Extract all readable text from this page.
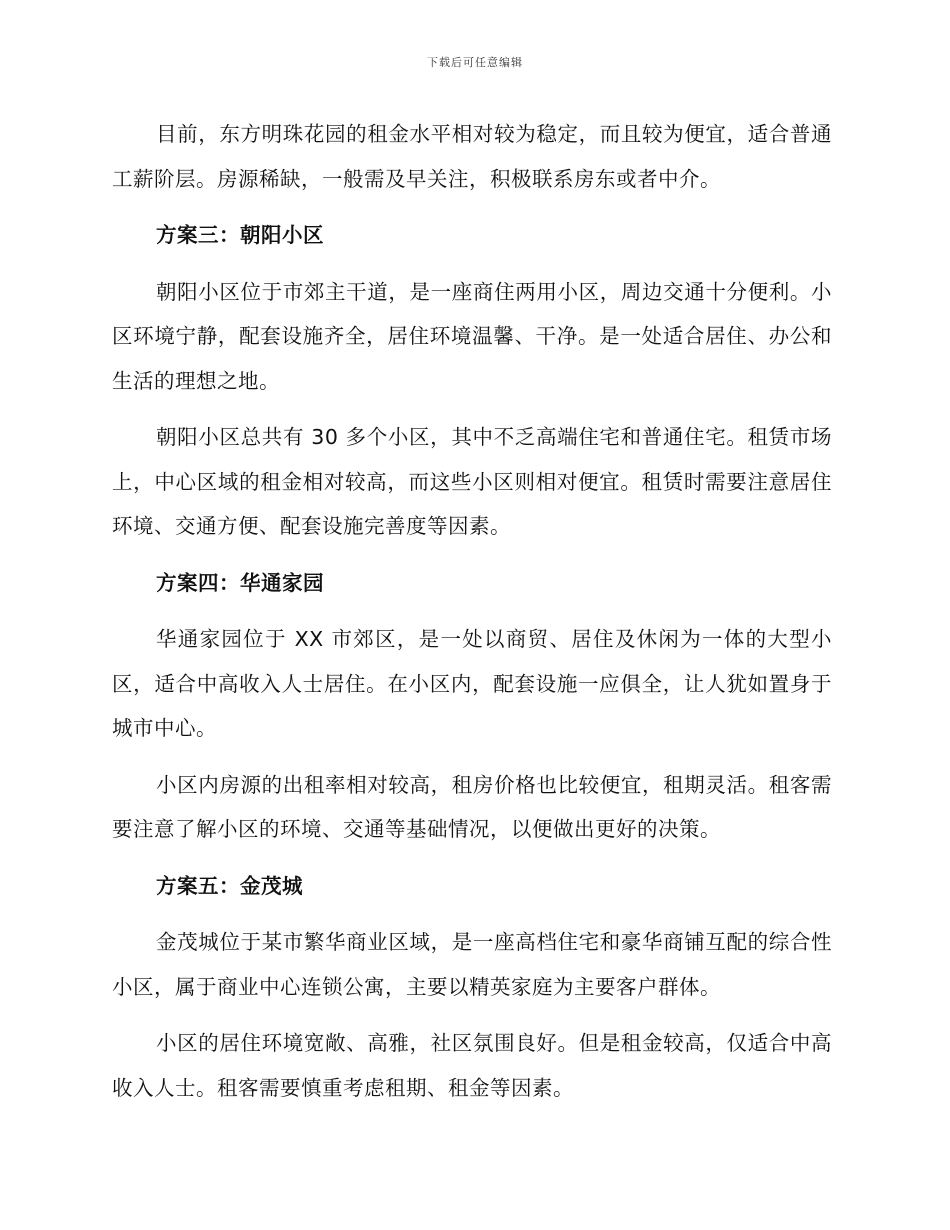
下载后可任意编辑

目前，东方明珠花园的租金水平相对较为稳定，而且较为便宜，适合普通工薪阶层。房源稀缺，一般需及早关注，积极联系房东或者中介。

方案三：朝阳小区

朝阳小区位于市郊主干道，是一座商住两用小区，周边交通十分便利。小区环境宁静，配套设施齐全，居住环境温馨、干净。是一处适合居住、办公和生活的理想之地。

朝阳小区总共有 30 多个小区，其中不乏高端住宅和普通住宅。租赁市场上，中心区域的租金相对较高，而这些小区则相对便宜。租赁时需要注意居住环境、交通方便、配套设施完善度等因素。

方案四：华通家园

华通家园位于 XX 市郊区，是一处以商贸、居住及休闲为一体的大型小区，适合中高收入人士居住。在小区内，配套设施一应俱全，让人犹如置身于城市中心。

小区内房源的出租率相对较高，租房价格也比较便宜，租期灵活。租客需要注意了解小区的环境、交通等基础情况，以便做出更好的决策。

方案五：金茂城

金茂城位于某市繁华商业区域，是一座高档住宅和豪华商铺互配的综合性小区，属于商业中心连锁公寓，主要以精英家庭为主要客户群体。

小区的居住环境宽敞、高雅，社区氛围良好。但是租金较高，仅适合中高收入人士。租客需要慎重考虑租期、租金等因素。
